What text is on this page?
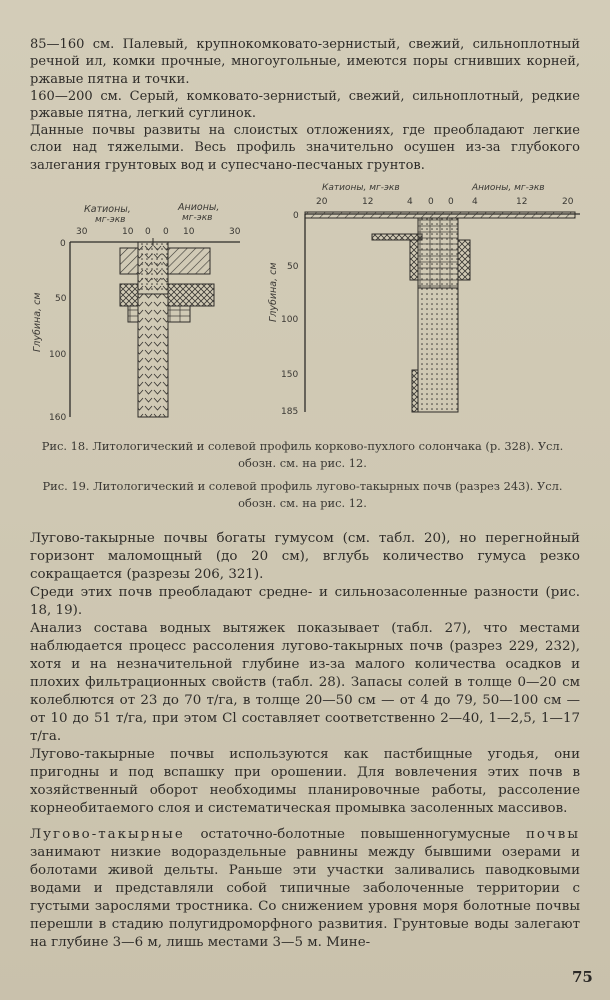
85—160 см. Палевый, крупнокомковато-зернистый, свежий, сильноплотный речной ил, комки прочные, многоугольные, имеются поры сгнивших корней, ржавые пятна и точки.

160—200 см. Серый, комковато-зернистый, свежий, сильноплотный, редкие ржавые пятна, легкий суглинок.

Данные почвы развиты на слоистых отложениях, где преобладают легкие слои над тяжелыми. Весь профиль значительно осушен из-за глубокого залегания грунтовых вод и супесчано-песчаных грунтов.

Катионы,
мг-экв
Анионы,
мг-экв
30	10 0 0 10	30
0
50
100
160
Глубина, см
Катионы, мг-экв	Анионы, мг-экв
20	12	4 0 0 4	12	20
0
50
100
150
185
Глубина, см
Рис. 18. Литологический и солевой профиль корково-пухлого солончака (р. 328). Усл. обозн. см. на рис. 12.
Рис. 19. Литологический и солевой профиль лугово-такырных почв (разрез 243). Усл. обозн. см. на рис. 12.

Лугово-такырные почвы богаты гумусом (см. табл. 20), но перегнойный горизонт маломощный (до 20 см), вглубь количество гумуса резко сокращается (разрезы 206, 321).

Среди этих почв преобладают средне- и сильнозасоленные разности (рис. 18, 19).

Анализ состава водных вытяжек показывает (табл. 27), что местами наблюдается процесс рассоления лугово-такырных почв (разрез 229, 232), хотя и на незначительной глубине из-за малого количества осадков и плохих фильтрационных свойств (табл. 28). Запасы солей в толще 0—20 см колеблются от 23 до 70 т/га, в толще 20—50 см — от 4 до 79, 50—100 см — от 10 до 51 т/га, при этом Cl составляет соответственно 2—40, 1—2,5, 1—17 т/га.

Лугово-такырные почвы используются как пастбищные угодья, они пригодны и под вспашку при орошении. Для вовлечения этих почв в хозяйственный оборот необходимы планировочные работы, рассоление корнеобитаемого слоя и систематическая промывка засоленных массивов.

Лугово-такырные остаточно-болотные повышенногумусные почвы занимают низкие водораздельные равнины между бывшими озерами и болотами живой дельты. Раньше эти участки заливались паводковыми водами и представляли собой типичные заболоченные территории с густыми зарослями тростника. Со снижением уровня моря болотные почвы перешли в стадию полугидроморфного развития. Грунтовые воды залегают на глубине 3—6 м, лишь местами 3—5 м. Мине-

75
